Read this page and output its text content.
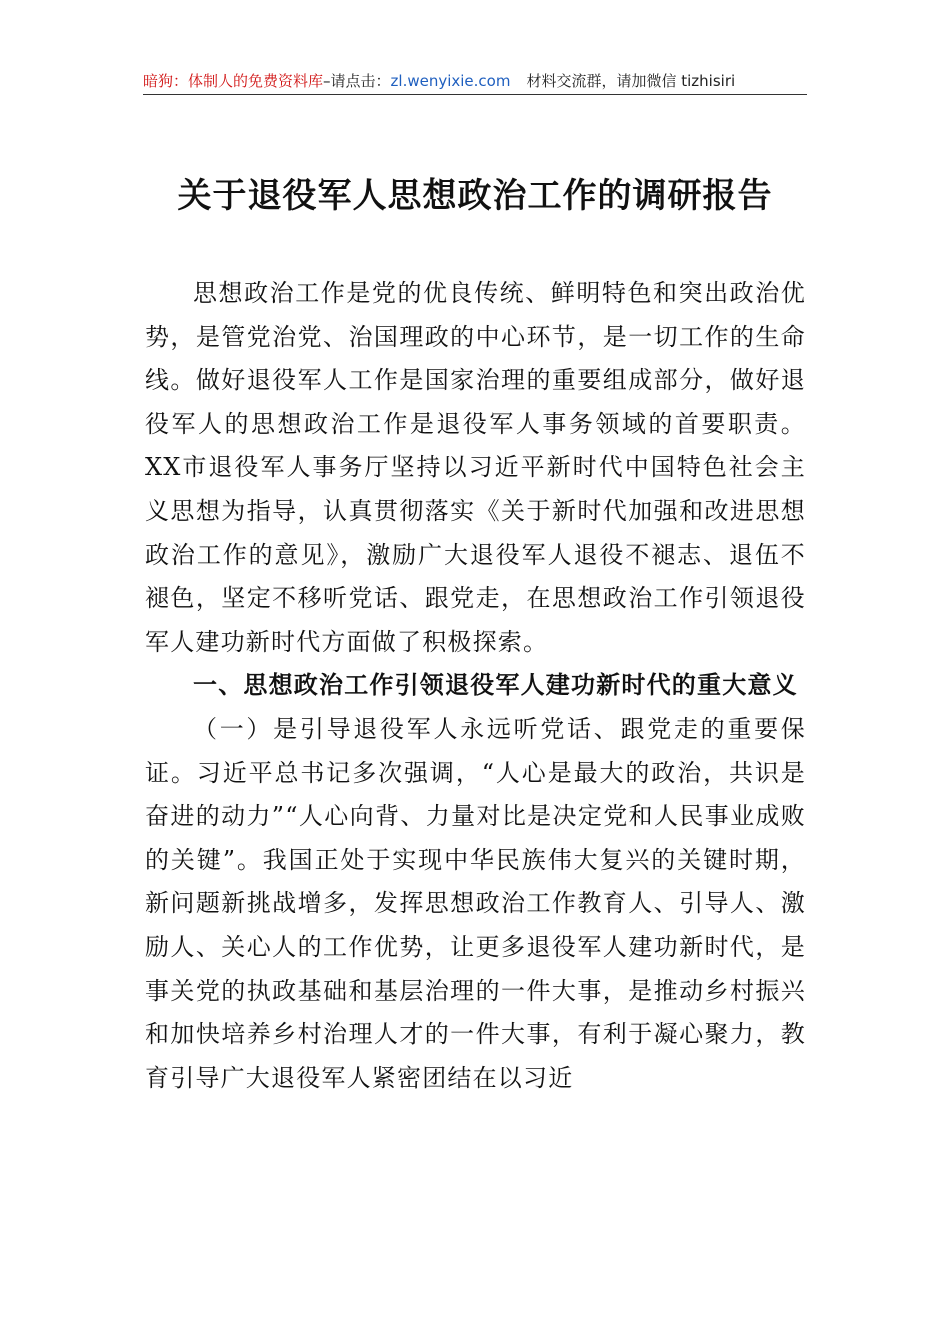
暗狗：体制人的免费资料库–请点击：zl.wenyixie.com 材料交流群，请加微信 tizhisiri
关于退役军人思想政治工作的调研报告

思想政治工作是党的优良传统、鲜明特色和突出政治优势，是管党治党、治国理政的中心环节，是一切工作的生命线。做好退役军人工作是国家治理的重要组成部分，做好退役军人的思想政治工作是退役军人事务领域的首要职责。XX市退役军人事务厅坚持以习近平新时代中国特色社会主义思想为指导，认真贯彻落实《关于新时代加强和改进思想政治工作的意见》，激励广大退役军人退役不褪志、退伍不褪色，坚定不移听党话、跟党走，在思想政治工作引领退役军人建功新时代方面做了积极探索。

一、思想政治工作引领退役军人建功新时代的重大意义

（一）是引导退役军人永远听党话、跟党走的重要保证。习近平总书记多次强调，“人心是最大的政治，共识是奋进的动力”“人心向背、力量对比是决定党和人民事业成败的关键”。我国正处于实现中华民族伟大复兴的关键时期，新问题新挑战增多，发挥思想政治工作教育人、引导人、激励人、关心人的工作优势，让更多退役军人建功新时代，是事关党的执政基础和基层治理的一件大事，是推动乡村振兴和加快培养乡村治理人才的一件大事，有利于凝心聚力，教育引导广大退役军人紧密团结在以习近
